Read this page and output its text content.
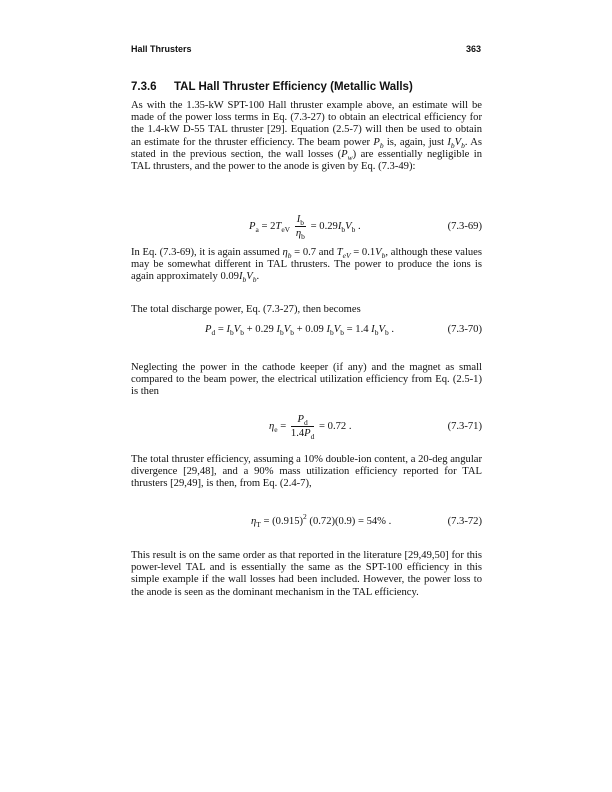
Hall Thrusters	363
7.3.6 TAL Hall Thruster Efficiency (Metallic Walls)
As with the 1.35-kW SPT-100 Hall thruster example above, an estimate will be made of the power loss terms in Eq. (7.3-27) to obtain an electrical efficiency for the 1.4-kW D-55 TAL thruster [29]. Equation (2.5-7) will then be used to obtain an estimate for the thruster efficiency. The beam power $P_b$ is, again, just $I_bV_b$. As stated in the previous section, the wall losses $(P_w)$ are essentially negligible in TAL thrusters, and the power to the anode is given by Eq. (7.3-49):
$P_a = 2T_{eV} \frac{I_b}{\eta_b} = 0.29I_bV_b$ .	(7.3-69)
In Eq. (7.3-69), it is again assumed $\eta_b = 0.7$ and $T_{eV} = 0.1V_b$, although these values may be somewhat different in TAL thrusters. The power to produce the ions is again approximately $0.09I_bV_b$.
The total discharge power, Eq. (7.3-27), then becomes
$P_d = I_bV_b + 0.29$ $I_bV_b + 0.09$ $I_bV_b = 1.4$ $I_bV_b$ .	(7.3-70)
Neglecting the power in the cathode keeper (if any) and the magnet as small compared to the beam power, the electrical utilization efficiency from Eq. (2.5-1) is then
$\eta_e = \frac{P_d}{1.4P_d} = 0.72$ .	(7.3-71)
The total thruster efficiency, assuming a 10% double-ion content, a 20-deg angular divergence [29,48], and a 90% mass utilization efficiency reported for TAL thrusters [29,49], is then, from Eq. (2.4-7),
$\eta_T = (0.915)^2$ (0.72)(0.9) = 54% .	(7.3-72)
This result is on the same order as that reported in the literature [29,49,50] for this power-level TAL and is essentially the same as the SPT-100 efficiency in this simple example if the wall losses had been included. However, the power loss to the anode is seen as the dominant mechanism in the TAL efficiency.
